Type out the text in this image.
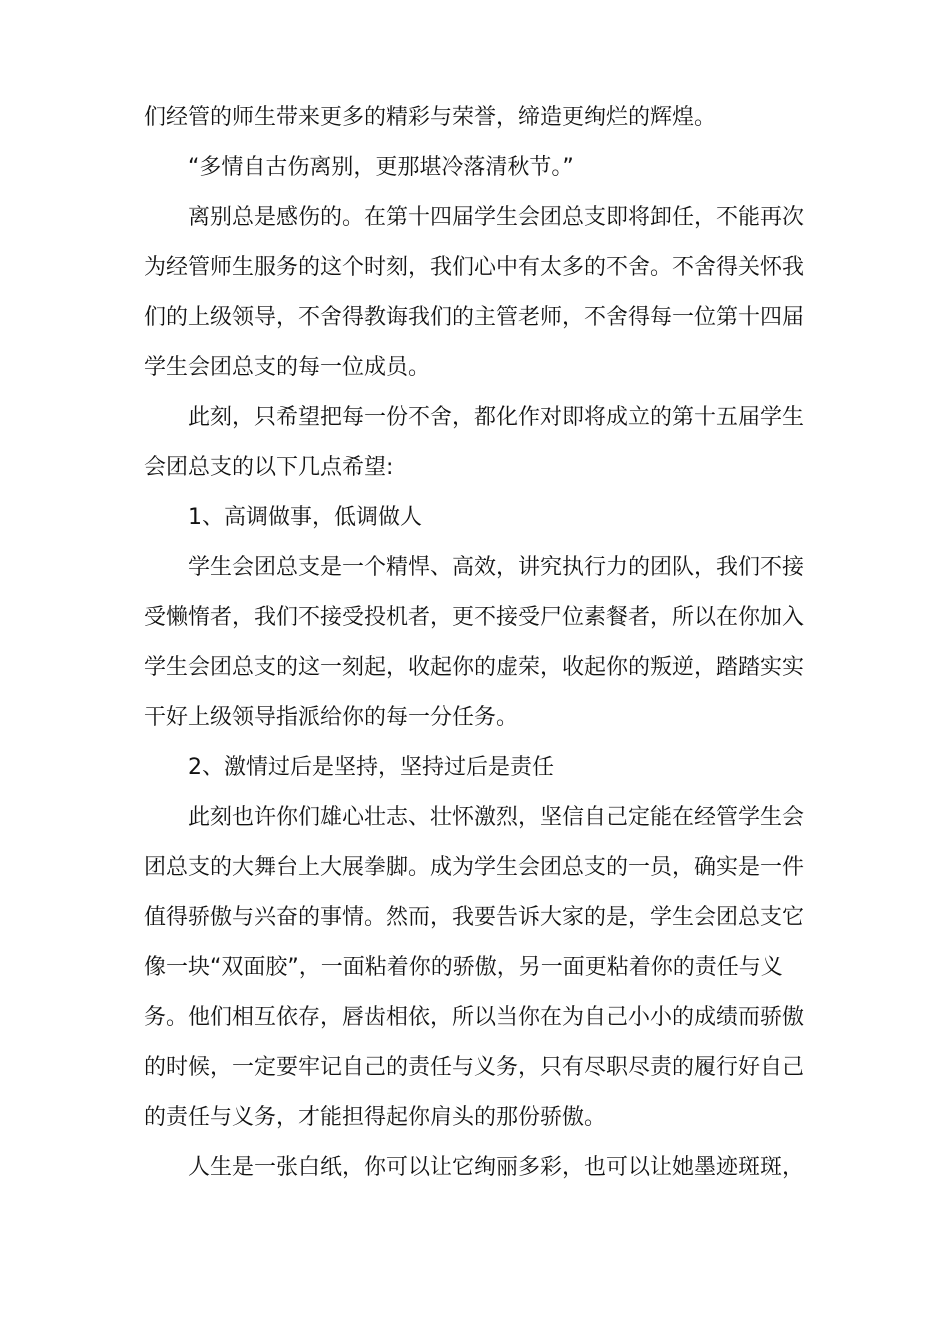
们经管的师生带来更多的精彩与荣誉，缔造更绚烂的辉煌。
“多情自古伤离别，更那堪冷落清秋节。”
离别总是感伤的。在第十四届学生会团总支即将卸任，不能再次
为经管师生服务的这个时刻，我们心中有太多的不舍。不舍得关怀我
们的上级领导，不舍得教诲我们的主管老师，不舍得每一位第十四届
学生会团总支的每一位成员。
此刻，只希望把每一份不舍，都化作对即将成立的第十五届学生
会团总支的以下几点希望:
1、高调做事，低调做人
学生会团总支是一个精悍、高效，讲究执行力的团队，我们不接
受懒惰者，我们不接受投机者，更不接受尸位素餐者，所以在你加入
学生会团总支的这一刻起，收起你的虚荣，收起你的叛逆，踏踏实实
干好上级领导指派给你的每一分任务。
2、激情过后是坚持，坚持过后是责任
此刻也许你们雄心壮志、壮怀激烈，坚信自己定能在经管学生会
团总支的大舞台上大展拳脚。成为学生会团总支的一员，确实是一件
值得骄傲与兴奋的事情。然而，我要告诉大家的是，学生会团总支它
像一块“双面胶”，一面粘着你的骄傲，另一面更粘着你的责任与义
务。他们相互依存，唇齿相依，所以当你在为自己小小的成绩而骄傲
的时候，一定要牢记自己的责任与义务，只有尽职尽责的履行好自己
的责任与义务，才能担得起你肩头的那份骄傲。
人生是一张白纸，你可以让它绚丽多彩，也可以让她墨迹斑斑，
